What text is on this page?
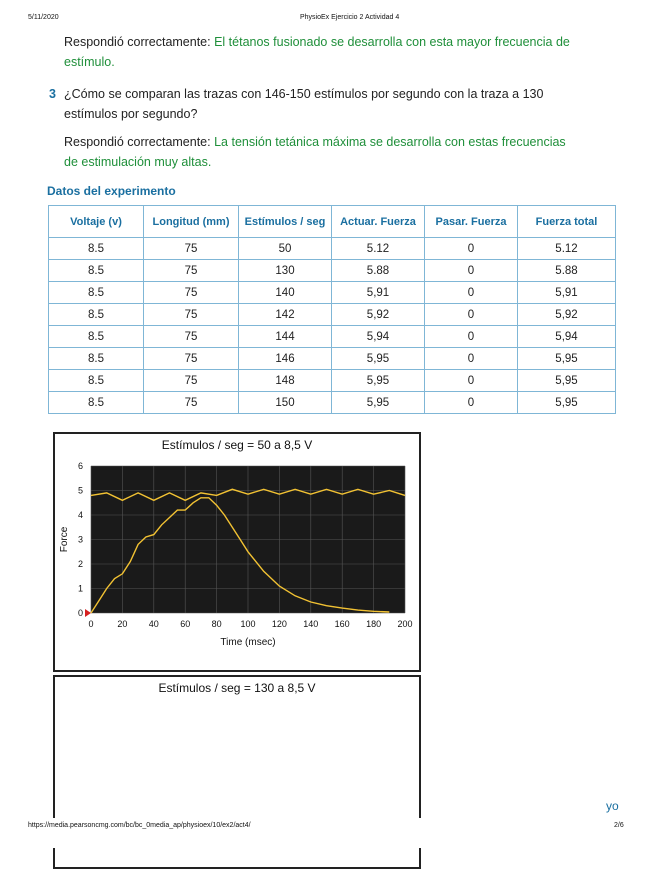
5/11/2020	PhysioEx Ejercicio 2 Actividad 4
Respondió correctamente: El tétanos fusionado se desarrolla con esta mayor frecuencia de
estímulo.
3 ¿Cómo se comparan las trazas con 146-150 estímulos por segundo con la traza a 130
estímulos por segundo?
Respondió correctamente: La tensión tetánica máxima se desarrolla con estas frecuencias
de estimulación muy altas.
Datos del experimento
Voltaje (v)	Longitud (mm)	Estímulos / seg	Actuar. Fuerza	Pasar. Fuerza	Fuerza total
8.5	75	50	5.12	0	5.12
8.5	75	130	5.88	0	5.88
8.5	75	140	5,91	0	5,91
8.5	75	142	5,92	0	5,92
8.5	75	144	5,94	0	5,94
8.5	75	146	5,95	0	5,95
8.5	75	148	5,95	0	5,95
8.5	75	150	5,95	0	5,95
Estímulos / seg = 50 a 8,5 V
0	20 40 60 80 100 120 140 160 180 200
0
1
2
3
4
5
6
Time (msec)
Force
Estímulos / seg = 130 a 8,5 V
yo
https://media.pearsoncmg.com/bc/bc_0media_ap/physioex/10/ex2/act4/	2/6
